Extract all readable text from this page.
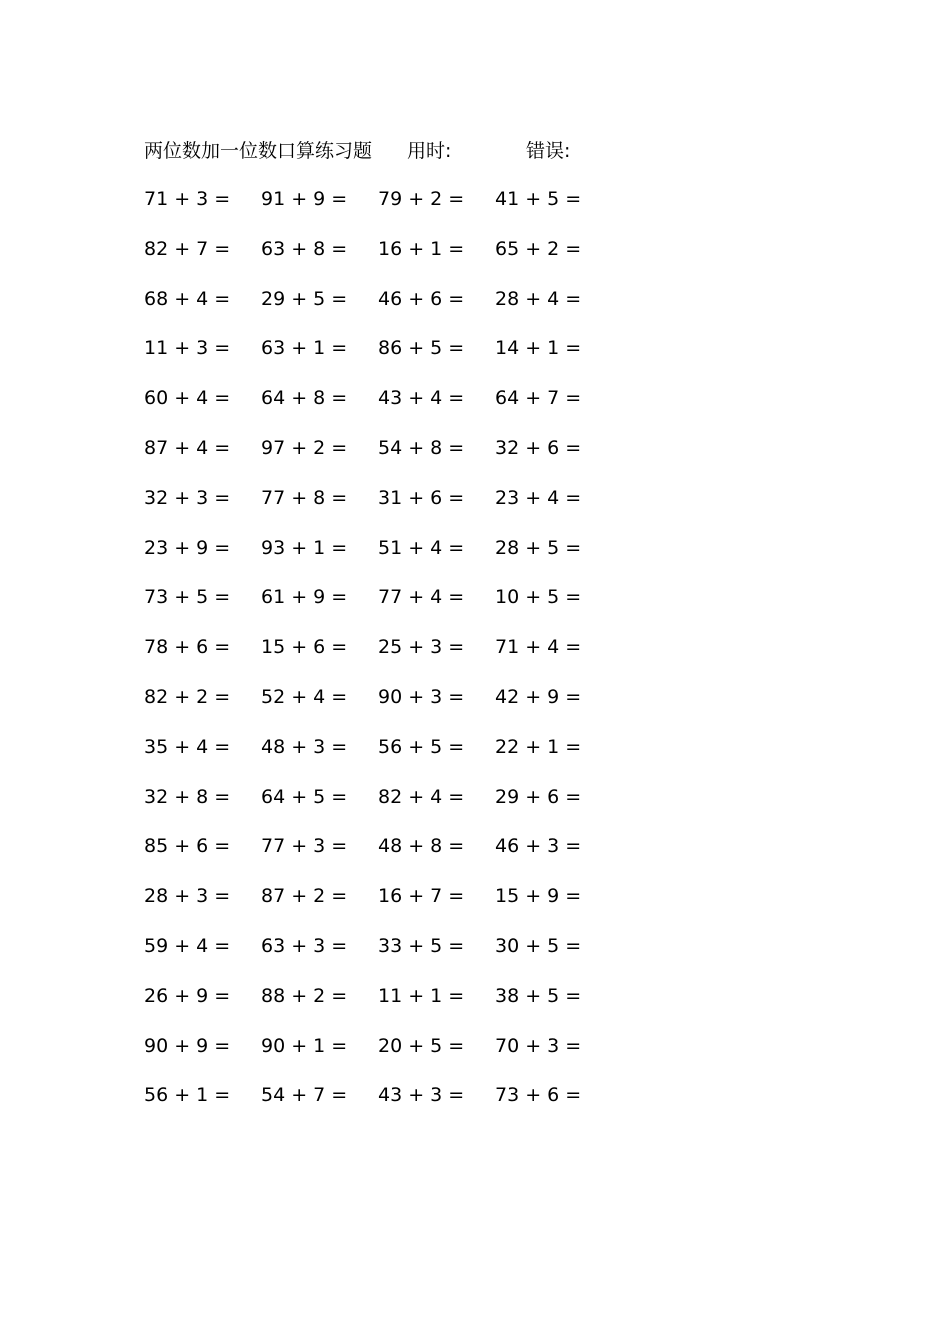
两位数加一位数口算练习题 用时:	错误:
71 + 3 =	91 + 9 =	79 + 2 =	41 + 5 =
82 + 7 =	63 + 8 =	16 + 1 =	65 + 2 =
68 + 4 =	29 + 5 =	46 + 6 =	28 + 4 =
11 + 3 =	63 + 1 =	86 + 5 =	14 + 1 =
60 + 4 =	64 + 8 =	43 + 4 =	64 + 7 =
87 + 4 =	97 + 2 =	54 + 8 =	32 + 6 =
32 + 3 =	77 + 8 =	31 + 6 =	23 + 4 =
23 + 9 =	93 + 1 =	51 + 4 =	28 + 5 =
73 + 5 =	61 + 9 =	77 + 4 =	10 + 5 =
78 + 6 =	15 + 6 =	25 + 3 =	71 + 4 =
82 + 2 =	52 + 4 =	90 + 3 =	42 + 9 =
35 + 4 =	48 + 3 =	56 + 5 =	22 + 1 =
32 + 8 =	64 + 5 =	82 + 4 =	29 + 6 =
85 + 6 =	77 + 3 =	48 + 8 =	46 + 3 =
28 + 3 =	87 + 2 =	16 + 7 =	15 + 9 =
59 + 4 =	63 + 3 =	33 + 5 =	30 + 5 =
26 + 9 =	88 + 2 =	11 + 1 =	38 + 5 =
90 + 9 =	90 + 1 =	20 + 5 =	70 + 3 =
56 + 1 =	54 + 7 =	43 + 3 =	73 + 6 =
